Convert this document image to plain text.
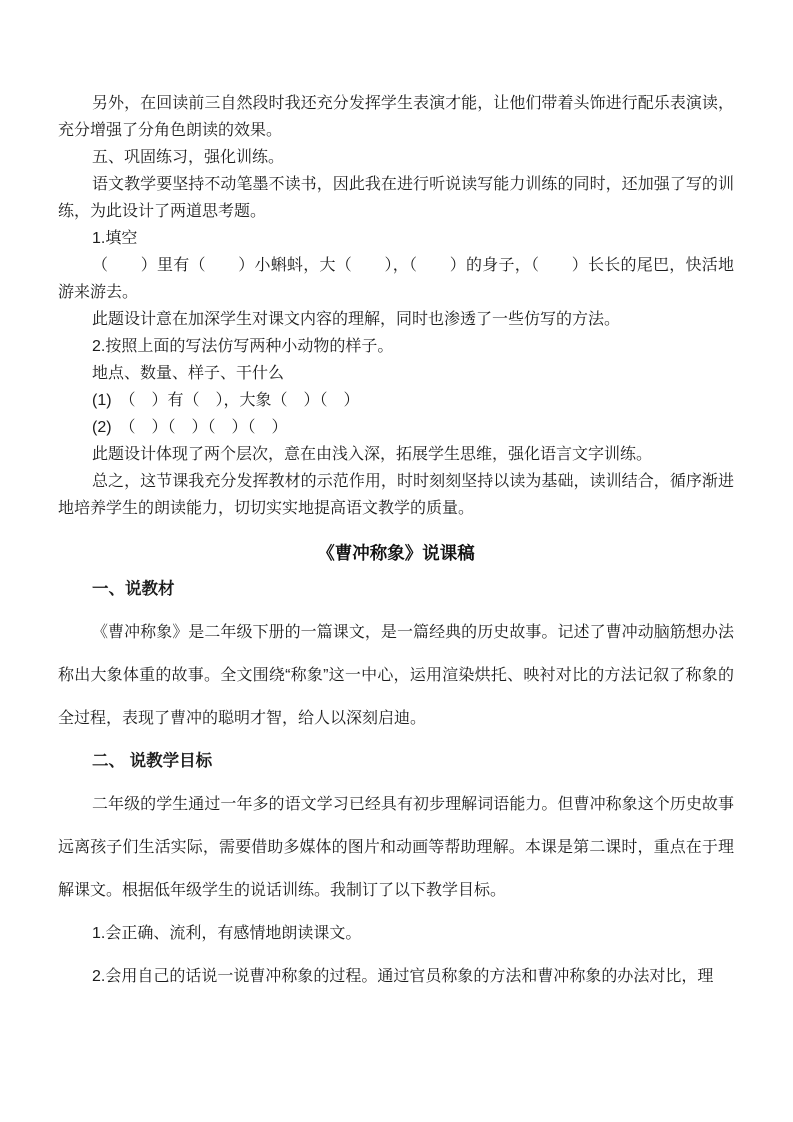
另外，在回读前三自然段时我还充分发挥学生表演才能，让他们带着头饰进行配乐表演读，充分增强了分角色朗读的效果。

五、巩固练习，强化训练。

语文教学要坚持不动笔墨不读书，因此我在进行听说读写能力训练的同时，还加强了写的训练，为此设计了两道思考题。

1.填空

（　　）里有（　　）小蝌蚪，大（　　），（　　）的身子，（　　）长长的尾巴，快活地游来游去。

此题设计意在加深学生对课文内容的理解，同时也渗透了一些仿写的方法。

2.按照上面的写法仿写两种小动物的样子。

地点、数量、样子、干什么

(1)　（　）有（　），大象（　）（　）

(2)　（　）（　）（　）（　）

此题设计体现了两个层次，意在由浅入深，拓展学生思维，强化语言文字训练。

总之，这节课我充分发挥教材的示范作用，时时刻刻坚持以读为基础，读训结合，循序渐进地培养学生的朗读能力，切切实实地提高语文教学的质量。

《曹冲称象》说课稿
一、说教材

《曹冲称象》是二年级下册的一篇课文，是一篇经典的历史故事。记述了曹冲动脑筋想办法称出大象体重的故事。全文围绕“称象”这一中心，运用渲染烘托、映衬对比的方法记叙了称象的全过程，表现了曹冲的聪明才智，给人以深刻启迪。

二、 说教学目标

二年级的学生通过一年多的语文学习已经具有初步理解词语能力。但曹冲称象这个历史故事远离孩子们生活实际，需要借助多媒体的图片和动画等帮助理解。本课是第二课时，重点在于理解课文。根据低年级学生的说话训练。我制订了以下教学目标。

1.会正确、流利，有感情地朗读课文。

2.会用自己的话说一说曹冲称象的过程。通过官员称象的方法和曹冲称象的办法对比，理
